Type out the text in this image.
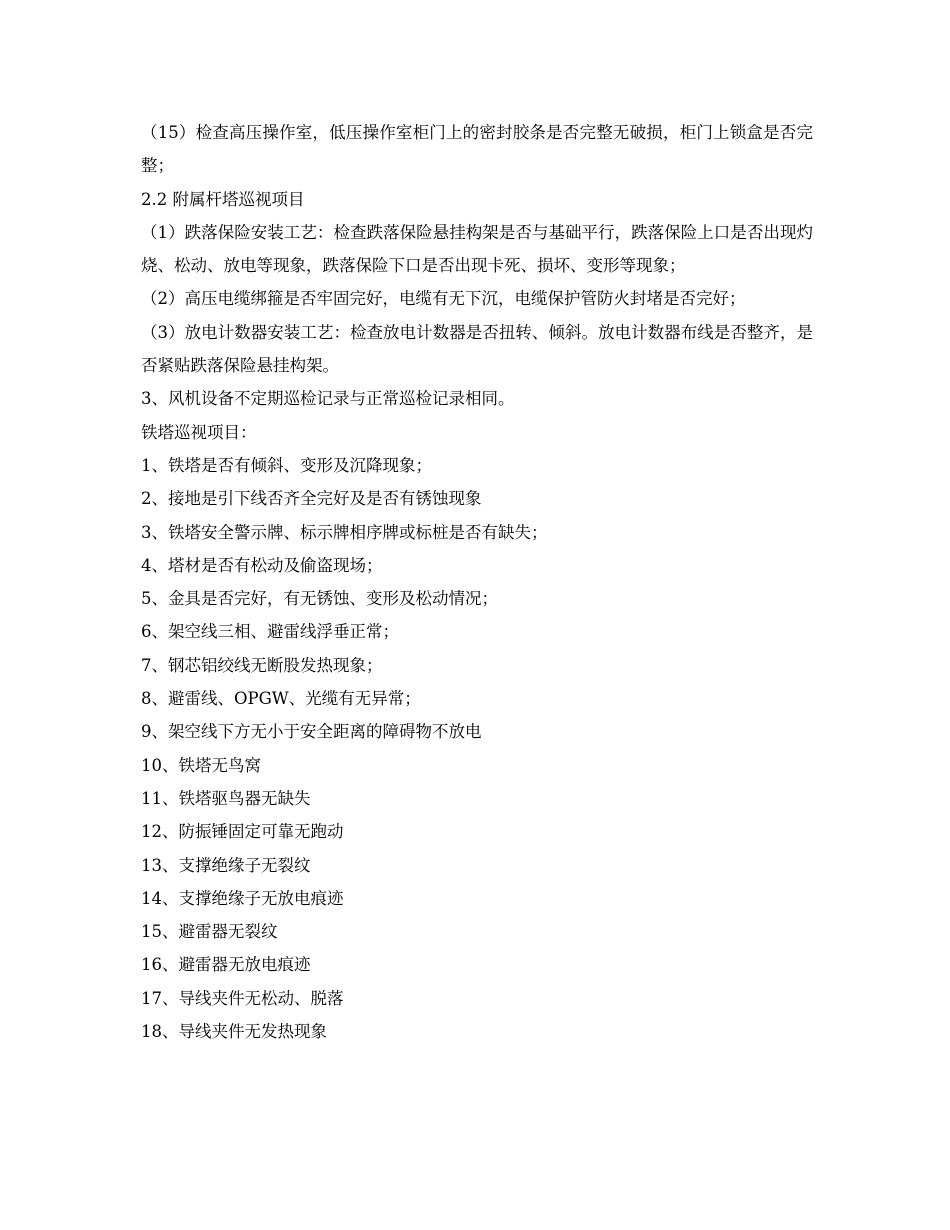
（15）检查高压操作室，低压操作室柜门上的密封胶条是否完整无破损，柜门上锁盒是否完整；

2.2 附属杆塔巡视项目

（1）跌落保险安装工艺：检查跌落保险悬挂构架是否与基础平行，跌落保险上口是否出现灼烧、松动、放电等现象，跌落保险下口是否出现卡死、损坏、变形等现象；

（2）高压电缆绑箍是否牢固完好，电缆有无下沉，电缆保护管防火封堵是否完好；

（3）放电计数器安装工艺：检查放电计数器是否扭转、倾斜。放电计数器布线是否整齐，是否紧贴跌落保险悬挂构架。

3、风机设备不定期巡检记录与正常巡检记录相同。

铁塔巡视项目：

1、铁塔是否有倾斜、变形及沉降现象；

2、接地是引下线否齐全完好及是否有锈蚀现象

3、铁塔安全警示牌、标示牌相序牌或标桩是否有缺失；

4、塔材是否有松动及偷盗现场；

5、金具是否完好，有无锈蚀、变形及松动情况；

6、架空线三相、避雷线浮垂正常；

7、钢芯铝绞线无断股发热现象；

8、避雷线、OPGW、光缆有无异常；

9、架空线下方无小于安全距离的障碍物不放电

10、铁塔无鸟窝

11、铁塔驱鸟器无缺失

12、防振锤固定可靠无跑动

13、支撑绝缘子无裂纹

14、支撑绝缘子无放电痕迹

15、避雷器无裂纹

16、避雷器无放电痕迹

17、导线夹件无松动、脱落

18、导线夹件无发热现象
